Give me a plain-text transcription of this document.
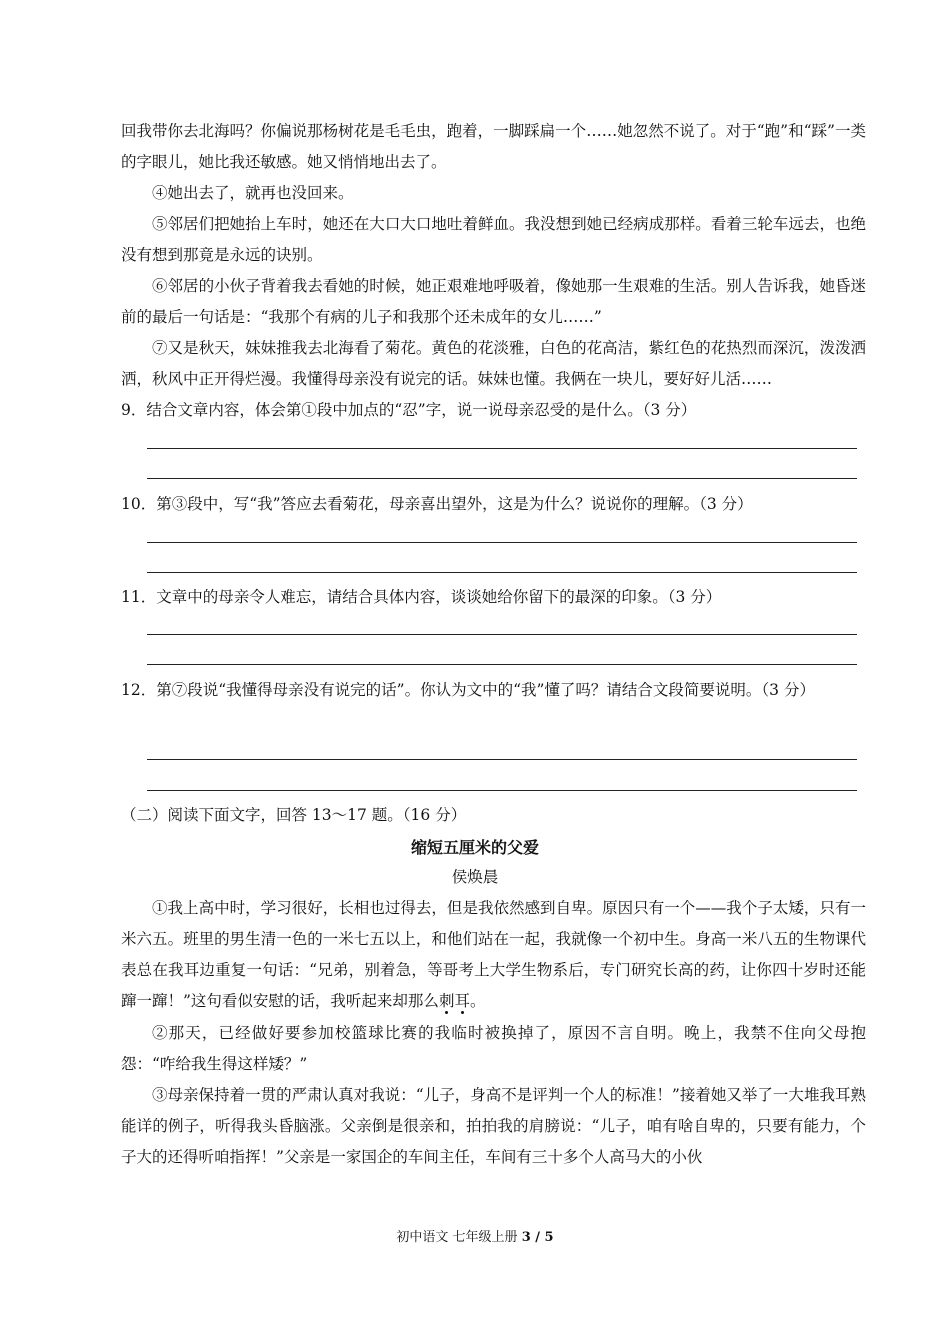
回我带你去北海吗？你偏说那杨树花是毛毛虫，跑着，一脚踩扁一个……她忽然不说了。对于“跑”和“踩”一类的字眼儿，她比我还敏感。她又悄悄地出去了。
④她出去了，就再也没回来。
⑤邻居们把她抬上车时，她还在大口大口地吐着鲜血。我没想到她已经病成那样。看着三轮车远去，也绝没有想到那竟是永远的诀别。
⑥邻居的小伙子背着我去看她的时候，她正艰难地呼吸着，像她那一生艰难的生活。别人告诉我，她昏迷前的最后一句话是：“我那个有病的儿子和我那个还未成年的女儿……”
⑦又是秋天，妹妹推我去北海看了菊花。黄色的花淡雅，白色的花高洁，紫红色的花热烈而深沉，泼泼洒洒，秋风中正开得烂漫。我懂得母亲没有说完的话。妹妹也懂。我俩在一块儿，要好好儿活……
9．结合文章内容，体会第①段中加点的“忍”字，说一说母亲忍受的是什么。（3 分）
10．第③段中，写“我”答应去看菊花，母亲喜出望外，这是为什么？说说你的理解。（3 分）
11．文章中的母亲令人难忘，请结合具体内容，谈谈她给你留下的最深的印象。（3 分）
12．第⑦段说“我懂得母亲没有说完的话”。你认为文中的“我”懂了吗？请结合文段简要说明。（3 分）
（二）阅读下面文字，回答 13～17 题。（16 分）
缩短五厘米的父爱
侯焕晨
①我上高中时，学习很好，长相也过得去，但是我依然感到自卑。原因只有一个——我个子太矮，只有一米六五。班里的男生清一色的一米七五以上，和他们站在一起，我就像一个初中生。身高一米八五的生物课代表总在我耳边重复一句话：“兄弟，别着急，等哥考上大学生物系后，专门研究长高的药，让你四十岁时还能蹿一蹿！”这句看似安慰的话，我听起来却那么刺耳。
②那天，已经做好要参加校篮球比赛的我临时被换掉了，原因不言自明。晚上，我禁不住向父母抱怨：“咋给我生得这样矮？”
③母亲保持着一贯的严肃认真对我说：“儿子，身高不是评判一个人的标准！”接着她又举了一大堆我耳熟能详的例子，听得我头昏脑涨。父亲倒是很亲和，拍拍我的肩膀说：“儿子，咱有啥自卑的，只要有能力，个子大的还得听咱指挥！”父亲是一家国企的车间主任，车间有三十多个人高马大的小伙
初中语文 七年级上册 3 / 5
